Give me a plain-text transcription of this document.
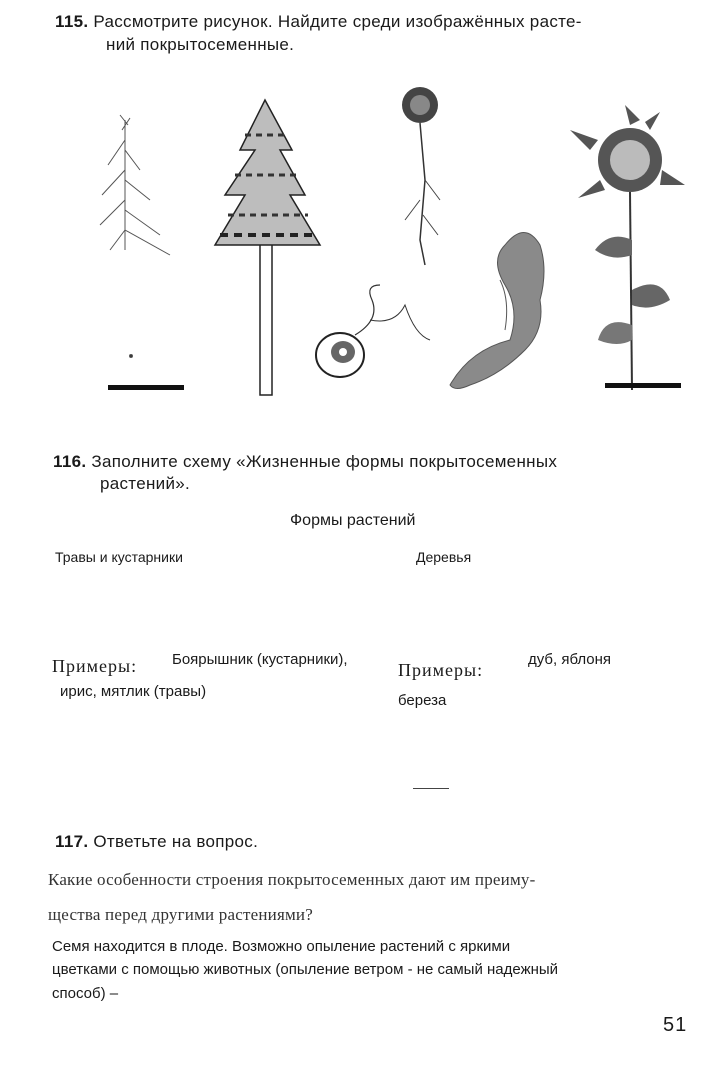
115. Рассмотрите рисунок. Найдите среди изображённых расте-
ний покрытосеменные.
116. Заполните схему «Жизненные формы покрытосеменных
растений».
Формы растений
Травы и кустарники	Деревья
Примеры: Боярышник (кустарники),
ирис, мятлик (травы)
Примеры:
дуб, яблоня
береза
117. Ответьте на вопрос.
Какие особенности строения покрытосеменных дают им преиму-
щества перед другими растениями?
Семя находится в плоде. Возможно опыление растений с яркими
цветками с помощью животных (опыление ветром - не самый надежный
способ) –
51
